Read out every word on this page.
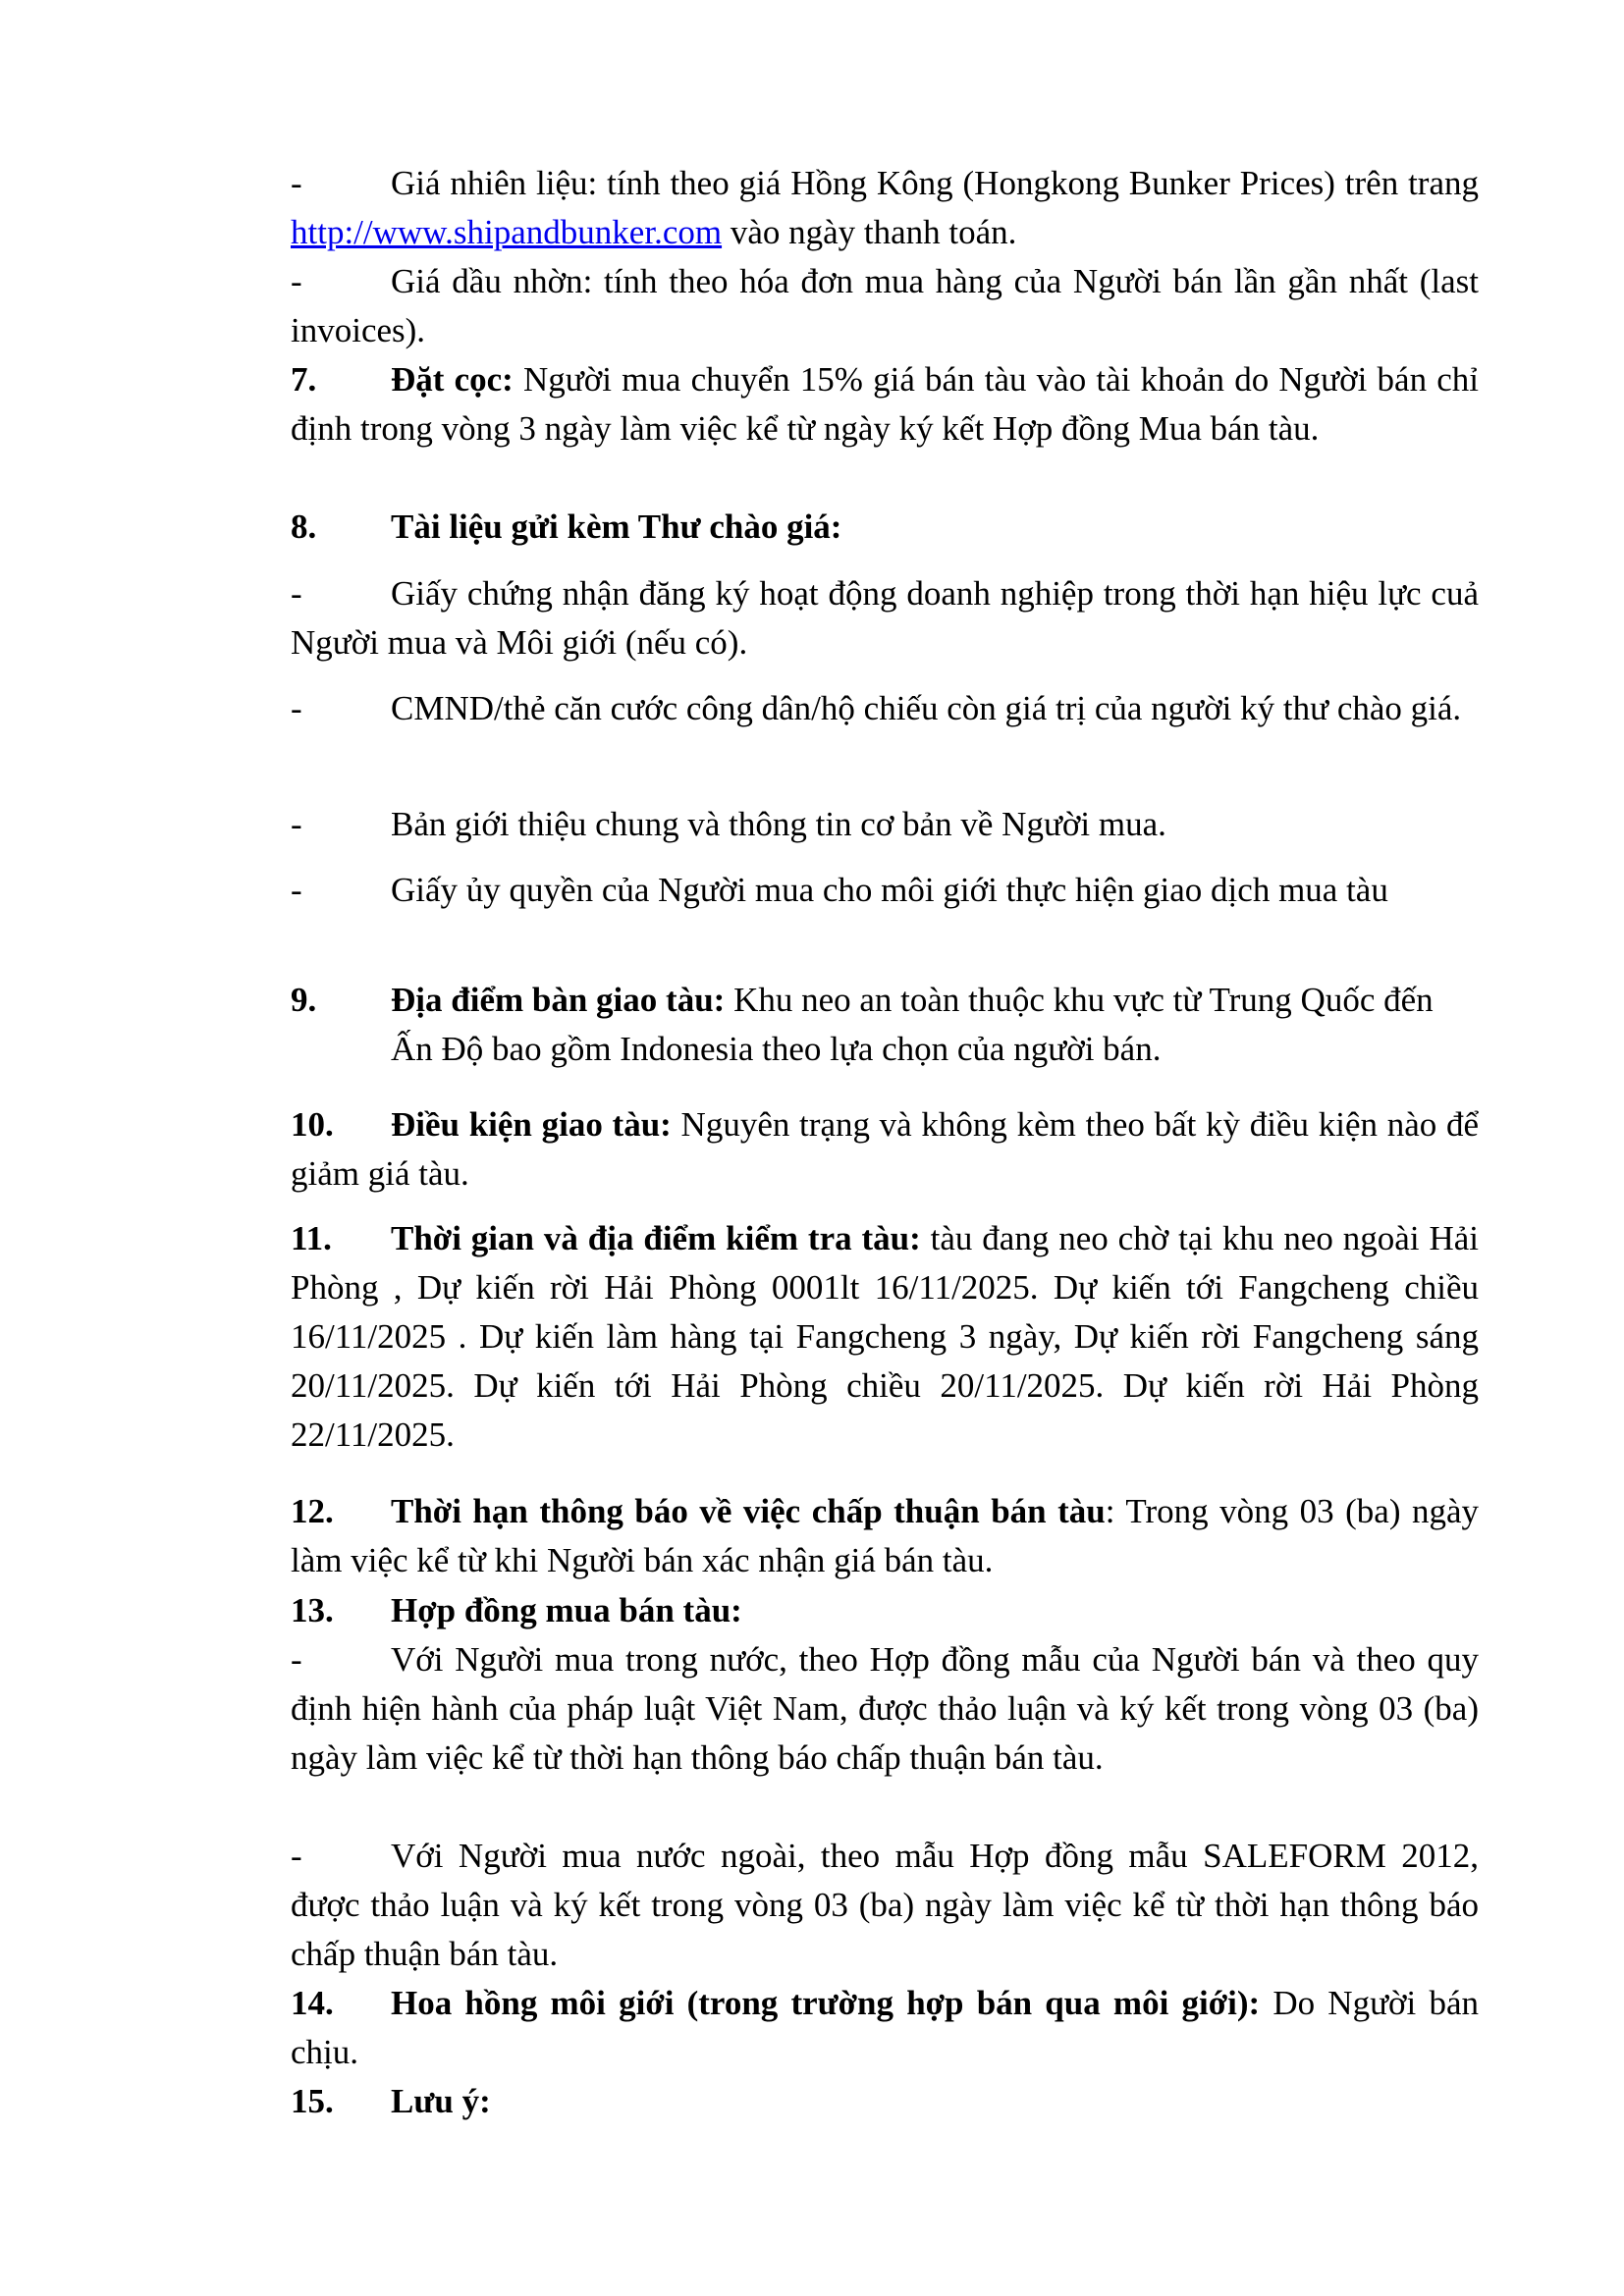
-	Giá nhiên liệu: tính theo giá Hồng Kông (Hongkong Bunker Prices) trên trang http://www.shipandbunker.com vào ngày thanh toán.

-	Giá dầu nhờn: tính theo hóa đơn mua hàng của Người bán lần gần nhất (last invoices).

7. Đặt cọc: Người mua chuyển 15% giá bán tàu vào tài khoản do Người bán chỉ định trong vòng 3 ngày làm việc kể từ ngày ký kết Hợp đồng Mua bán tàu.

8. Tài liệu gửi kèm Thư chào giá:

-	Giấy chứng nhận đăng ký hoạt động doanh nghiệp trong thời hạn hiệu lực cuả Người mua và Môi giới (nếu có).

-	CMND/thẻ căn cước công dân/hộ chiếu còn giá trị của người ký thư chào giá.

-	Bản giới thiệu chung và thông tin cơ bản về Người mua.

-	Giấy ủy quyền của Người mua cho môi giới thực hiện giao dịch mua tàu

9.	Địa điểm bàn giao tàu: Khu neo an toàn thuộc khu vực từ Trung Quốc đến Ấn Độ bao gồm Indonesia theo lựa chọn của người bán.

10. Điều kiện giao tàu: Nguyên trạng và không kèm theo bất kỳ điều kiện nào để giảm giá tàu.

11. Thời gian và địa điểm kiểm tra tàu: tàu đang neo chờ tại khu neo ngoài Hải Phòng , Dự kiến rời Hải Phòng 0001lt 16/11/2025. Dự kiến tới Fangcheng chiều 16/11/2025 . Dự kiến làm hàng tại Fangcheng 3 ngày, Dự kiến rời Fangcheng sáng 20/11/2025. Dự kiến tới Hải Phòng chiều 20/11/2025. Dự kiến rời Hải Phòng 22/11/2025.

12. Thời hạn thông báo về việc chấp thuận bán tàu: Trong vòng 03 (ba) ngày làm việc kể từ khi Người bán xác nhận giá bán tàu.

13. Hợp đồng mua bán tàu:

-	Với Người mua trong nước, theo Hợp đồng mẫu của Người bán và theo quy định hiện hành của pháp luật Việt Nam, được thảo luận và ký kết trong vòng 03 (ba) ngày làm việc kể từ thời hạn thông báo chấp thuận bán tàu.

-	Với Người mua nước ngoài, theo mẫu Hợp đồng mẫu SALEFORM 2012, được thảo luận và ký kết trong vòng 03 (ba) ngày làm việc kể từ thời hạn thông báo chấp thuận bán tàu.

14. Hoa hồng môi giới (trong trường hợp bán qua môi giới): Do Người bán chịu.

15. Lưu ý:
